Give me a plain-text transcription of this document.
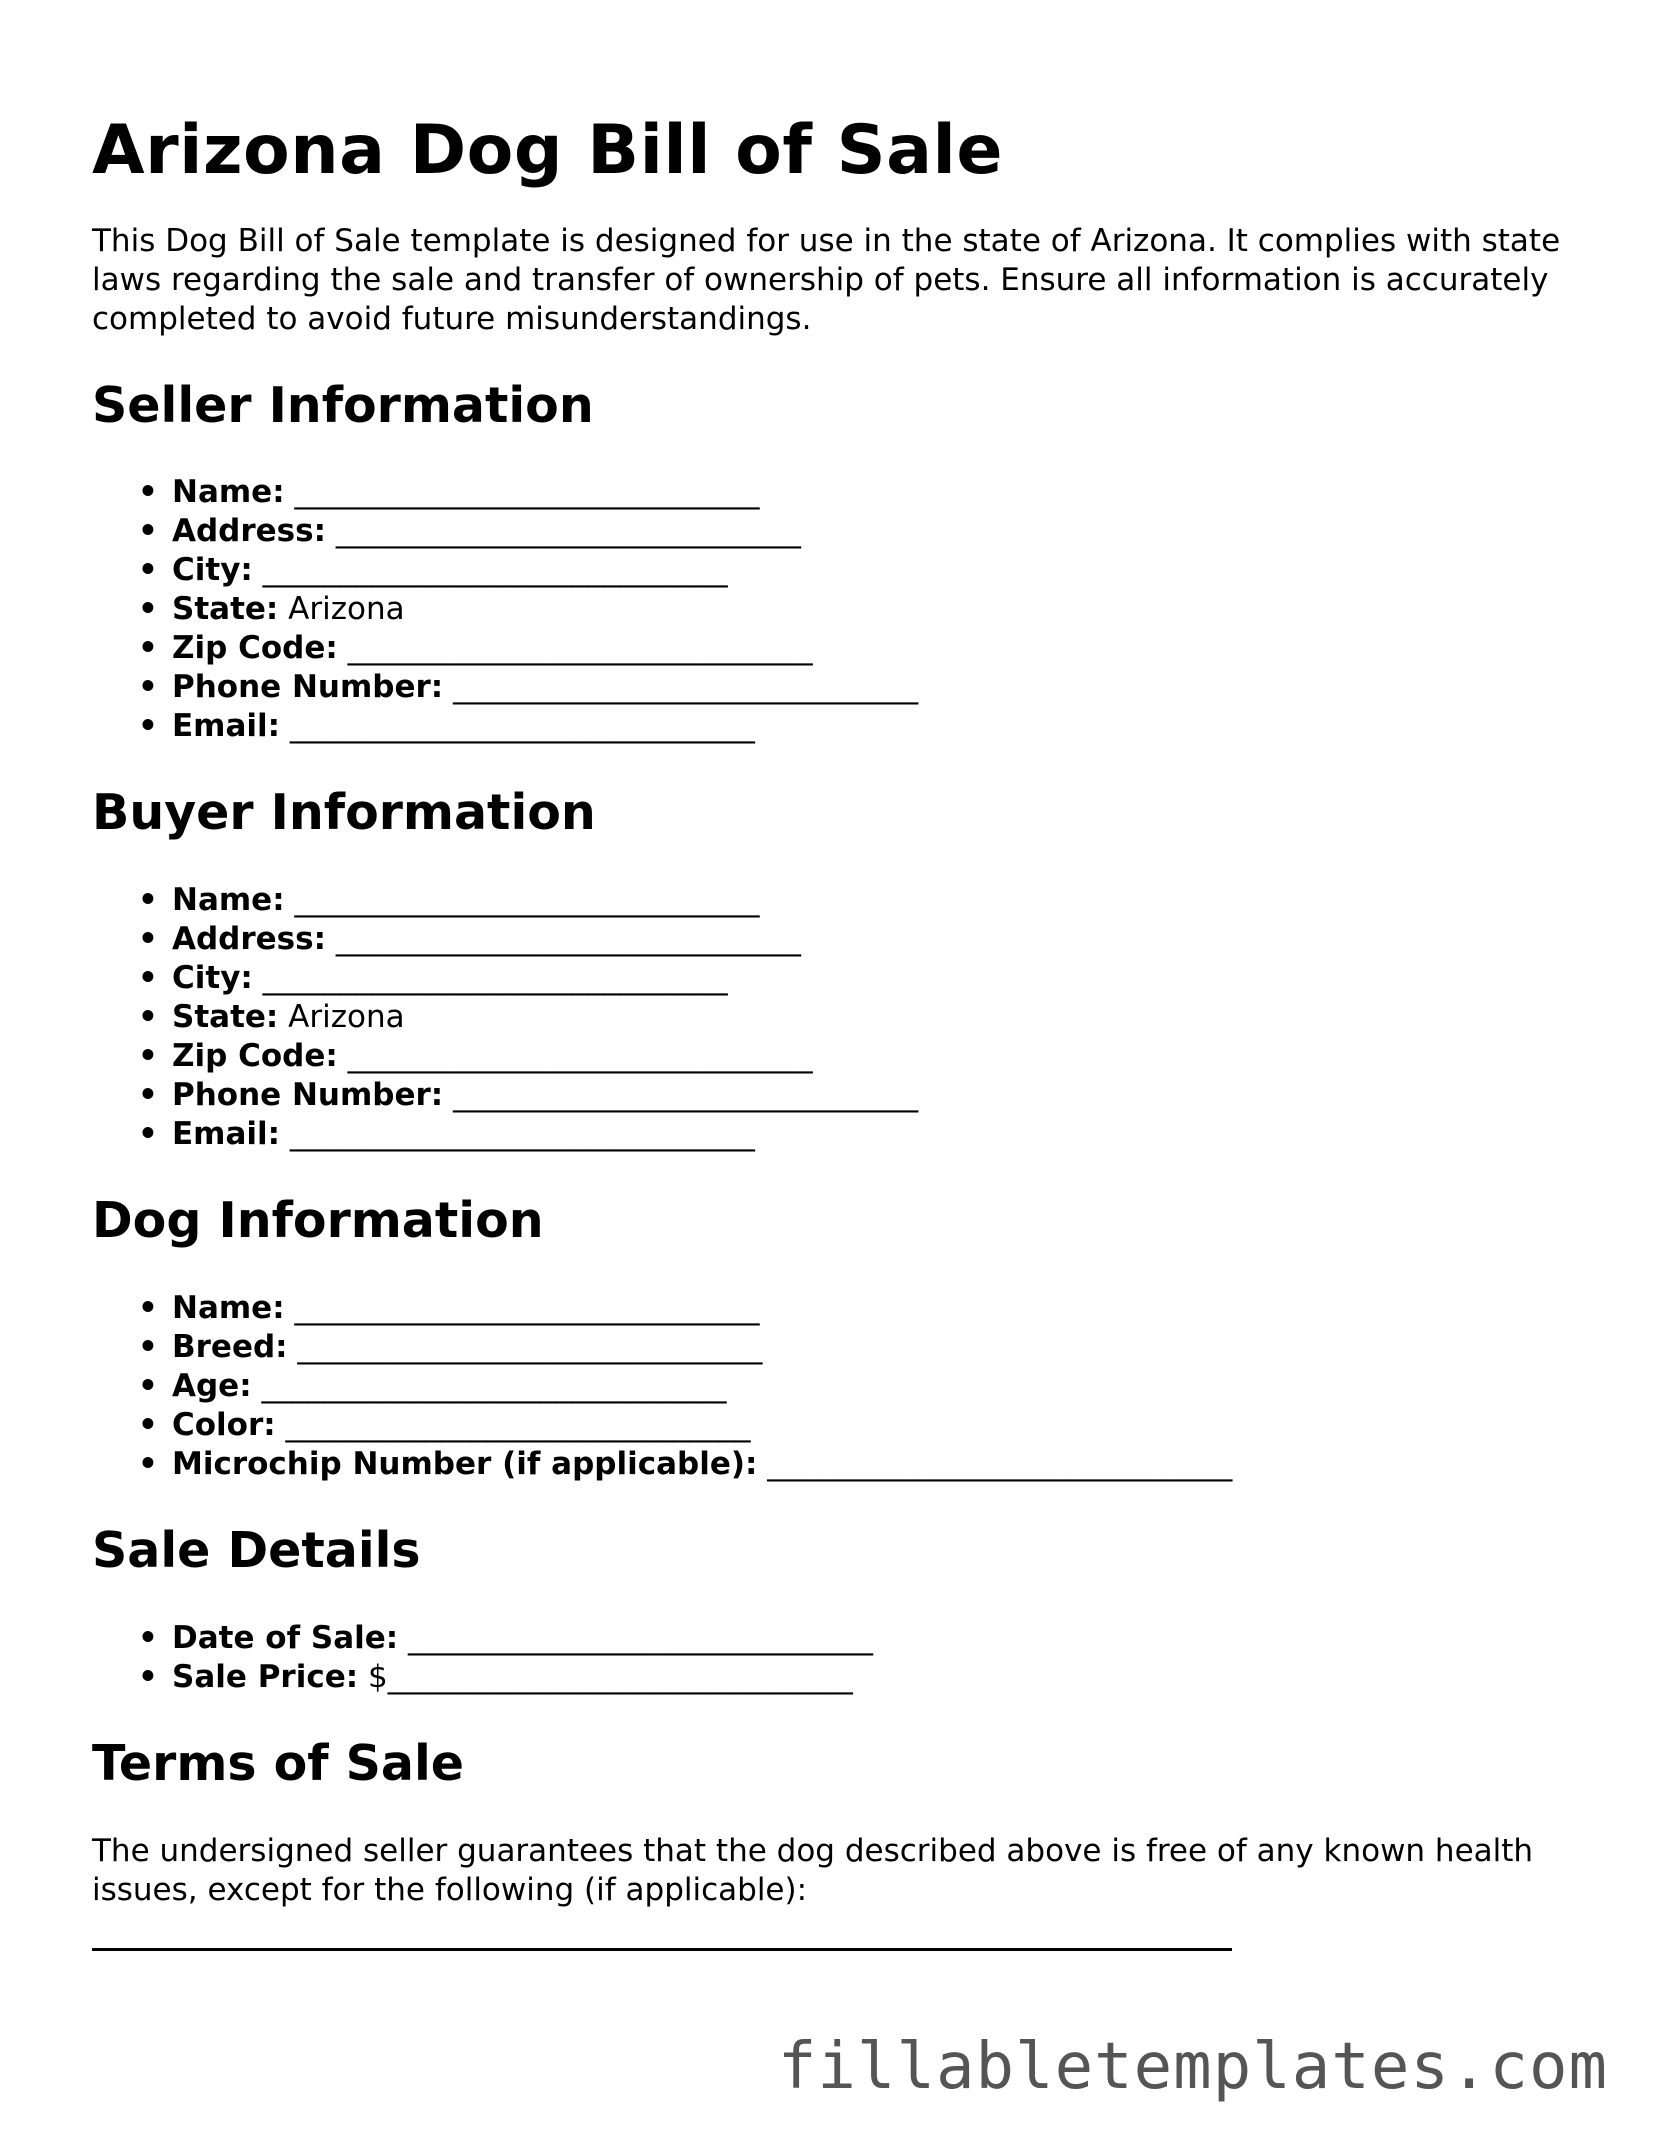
Arizona Dog Bill of Sale

This Dog Bill of Sale template is designed for use in the state of Arizona. It complies with state laws regarding the sale and transfer of ownership of pets. Ensure all information is accurately completed to avoid future misunderstandings.

Seller Information
• Name: ______________________________
• Address: ______________________________
• City: ______________________________
• State: Arizona
• Zip Code: ______________________________
• Phone Number: ______________________________
• Email: ______________________________
Buyer Information
• Name: ______________________________
• Address: ______________________________
• City: ______________________________
• State: Arizona
• Zip Code: ______________________________
• Phone Number: ______________________________
• Email: ______________________________
Dog Information
• Name: ______________________________
• Breed: ______________________________
• Age: ______________________________
• Color: ______________________________
• Microchip Number (if applicable): ______________________________
Sale Details
• Date of Sale: ______________________________
• Sale Price: $______________________________
Terms of Sale

The undersigned seller guarantees that the dog described above is free of any known health issues, except for the following (if applicable):

fillabletemplates.com
